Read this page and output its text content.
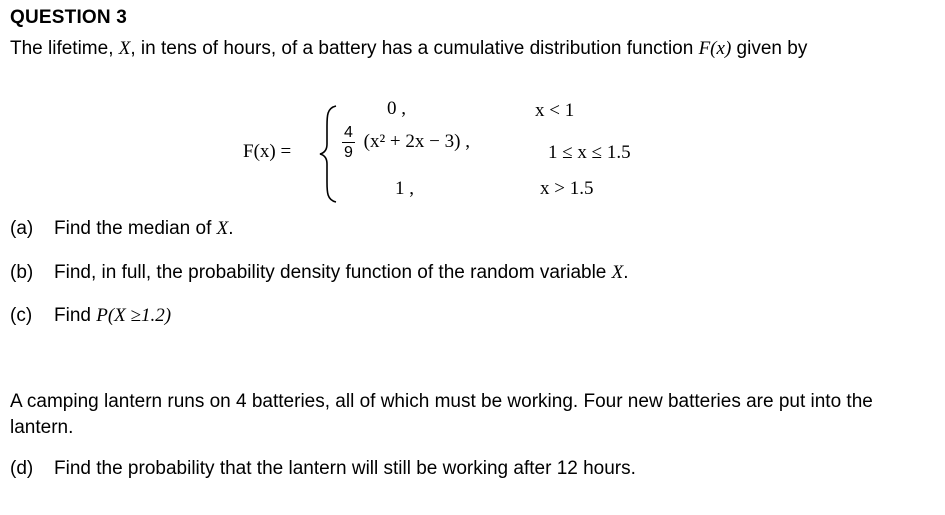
QUESTION 3
The lifetime, X, in tens of hours, of a battery has a cumulative distribution function F(x) given by
F(x) =
0 ,	x < 1
$\frac{4}{9} (x^2 + 2x - 3)$ ,
1 ≤ x ≤ 1.5
1 ,	x > 1.5
(a) Find the median of X.
(b) Find, in full, the probability density function of the random variable X.
(c) Find P(X ≥1.2)
A camping lantern runs on 4 batteries, all of which must be working. Four new batteries are put into the lantern.
(d) Find the probability that the lantern will still be working after 12 hours.
